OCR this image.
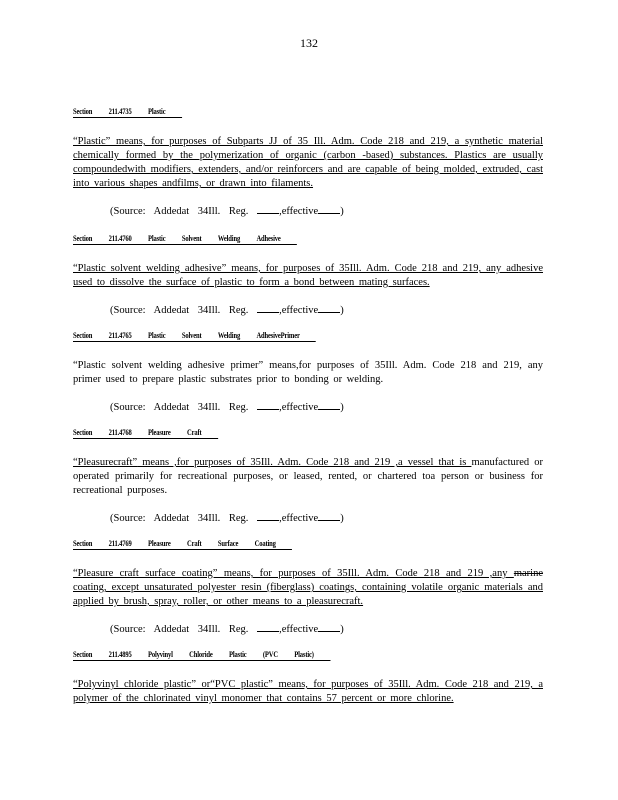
132
Section 211.4735 Plastic
“Plastic” means, for purposes of Subparts JJ of 35 Ill. Adm. Code 218 and 219, a synthetic material chemically formed by the polymerization of organic (carbon -based) substances. Plastics are usually compoundedwith modifiers, extenders, and/or reinforcers and are capable of being molded, extruded, cast into various shapes andfilms, or drawn into filaments.
(Source: Addedat 34Ill. Reg. ,effective )
Section 211.4760 Plastic Solvent Welding Adhesive
“Plastic solvent welding adhesive” means, for purposes of 35Ill. Adm. Code 218 and 219, any adhesive used to dissolve the surface of plastic to form a bond between mating surfaces.
(Source: Addedat 34Ill. Reg. ,effective )
Section 211.4765 Plastic Solvent Welding AdhesivePrimer
“Plastic solvent welding adhesive primer” means,for purposes of 35Ill. Adm. Code 218 and 219, any primer used to prepare plastic substrates prior to bonding or welding.
(Source: Addedat 34Ill. Reg. ,effective )
Section 211.4768 Pleasure Craft
“Pleasurecraft” means ,for purposes of 35Ill. Adm. Code 218 and 219 ,a vessel that is manufactured or operated primarily for recreational purposes, or leased, rented, or chartered toa person or business for recreational purposes.
(Source: Addedat 34Ill. Reg. ,effective )
Section 211.4769 Pleasure Craft Surface Coating
“Pleasure craft surface coating” means, for purposes of 35Ill. Adm. Code 218 and 219 ,any marine coating, except unsaturated polyester resin (fiberglass) coatings, containing volatile organic materials and applied by brush, spray, roller, or other means to a pleasurecraft.
(Source: Addedat 34Ill. Reg. ,effective )
Section 211.4895 Polyvinyl Chloride Plastic (PVC Plastic)
“Polyvinyl chloride plastic” or“PVC plastic” means, for purposes of 35Ill. Adm. Code 218 and 219, a polymer of the chlorinated vinyl monomer that contains 57 percent or more chlorine.
